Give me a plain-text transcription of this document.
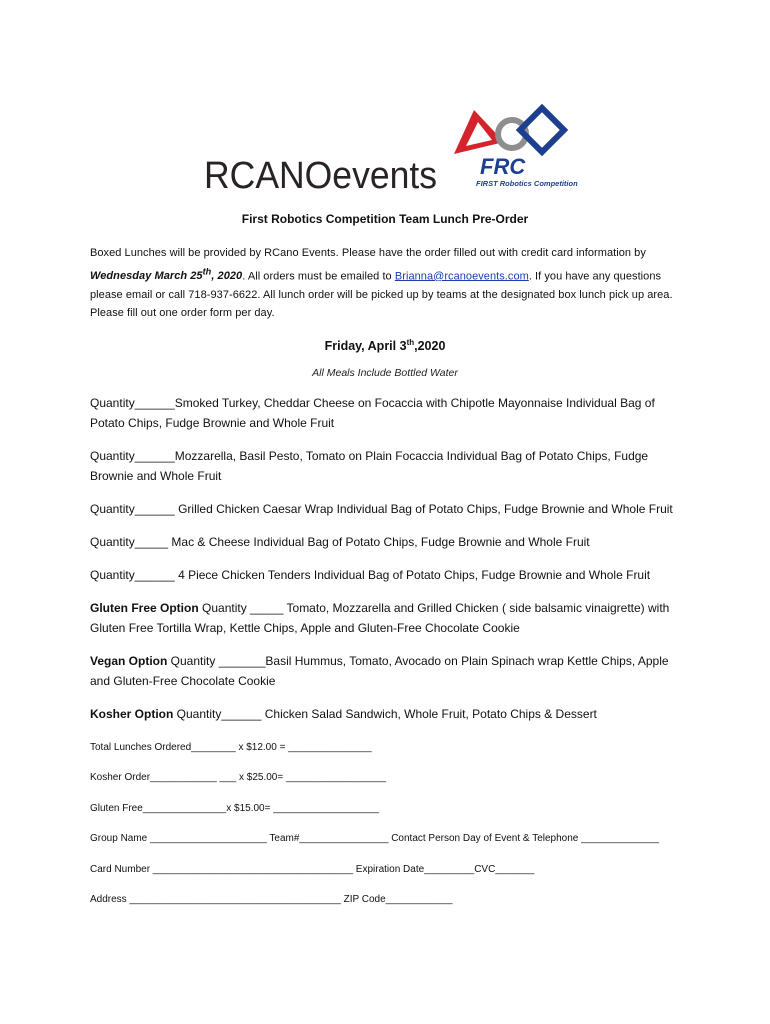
RCANOevents FRC
FIRST Robotics Competition

First Robotics Competition Team Lunch Pre-Order

Boxed Lunches will be provided by RCano Events. Please have the order filled out with credit card information by Wednesday March 25th, 2020. All orders must be emailed to Brianna@rcanoevents.com. If you have any questions please email or call 718-937-6622. All lunch order will be picked up by teams at the designated box lunch pick up area. Please fill out one order form per day.

Friday, April 3th,2020

All Meals Include Bottled Water

Quantity______Smoked Turkey, Cheddar Cheese on Focaccia with Chipotle Mayonnaise Individual Bag of Potato Chips, Fudge Brownie and Whole Fruit

Quantity______Mozzarella, Basil Pesto, Tomato on Plain Focaccia Individual Bag of Potato Chips, Fudge Brownie and Whole Fruit

Quantity______ Grilled Chicken Caesar Wrap Individual Bag of Potato Chips, Fudge Brownie and Whole Fruit

Quantity_____ Mac & Cheese Individual Bag of Potato Chips, Fudge Brownie and Whole Fruit

Quantity______ 4 Piece Chicken Tenders Individual Bag of Potato Chips, Fudge Brownie and Whole Fruit

Gluten Free Option Quantity _____ Tomato, Mozzarella and Grilled Chicken ( side balsamic vinaigrette) with Gluten Free Tortilla Wrap, Kettle Chips, Apple and Gluten-Free Chocolate Cookie

Vegan Option Quantity _______Basil Hummus, Tomato, Avocado on Plain Spinach wrap Kettle Chips, Apple and Gluten-Free Chocolate Cookie

Kosher Option Quantity______ Chicken Salad Sandwich, Whole Fruit, Potato Chips & Dessert

Total Lunches Ordered________ x $12.00 = _______________

Kosher Order____________ ___ x $25.00= __________________

Gluten Free_______________x $15.00= ___________________

Group Name _____________________ Team#________________ Contact Person Day of Event & Telephone ______________

Card Number ____________________________________ Expiration Date_________CVC_______

Address ______________________________________ ZIP Code____________
